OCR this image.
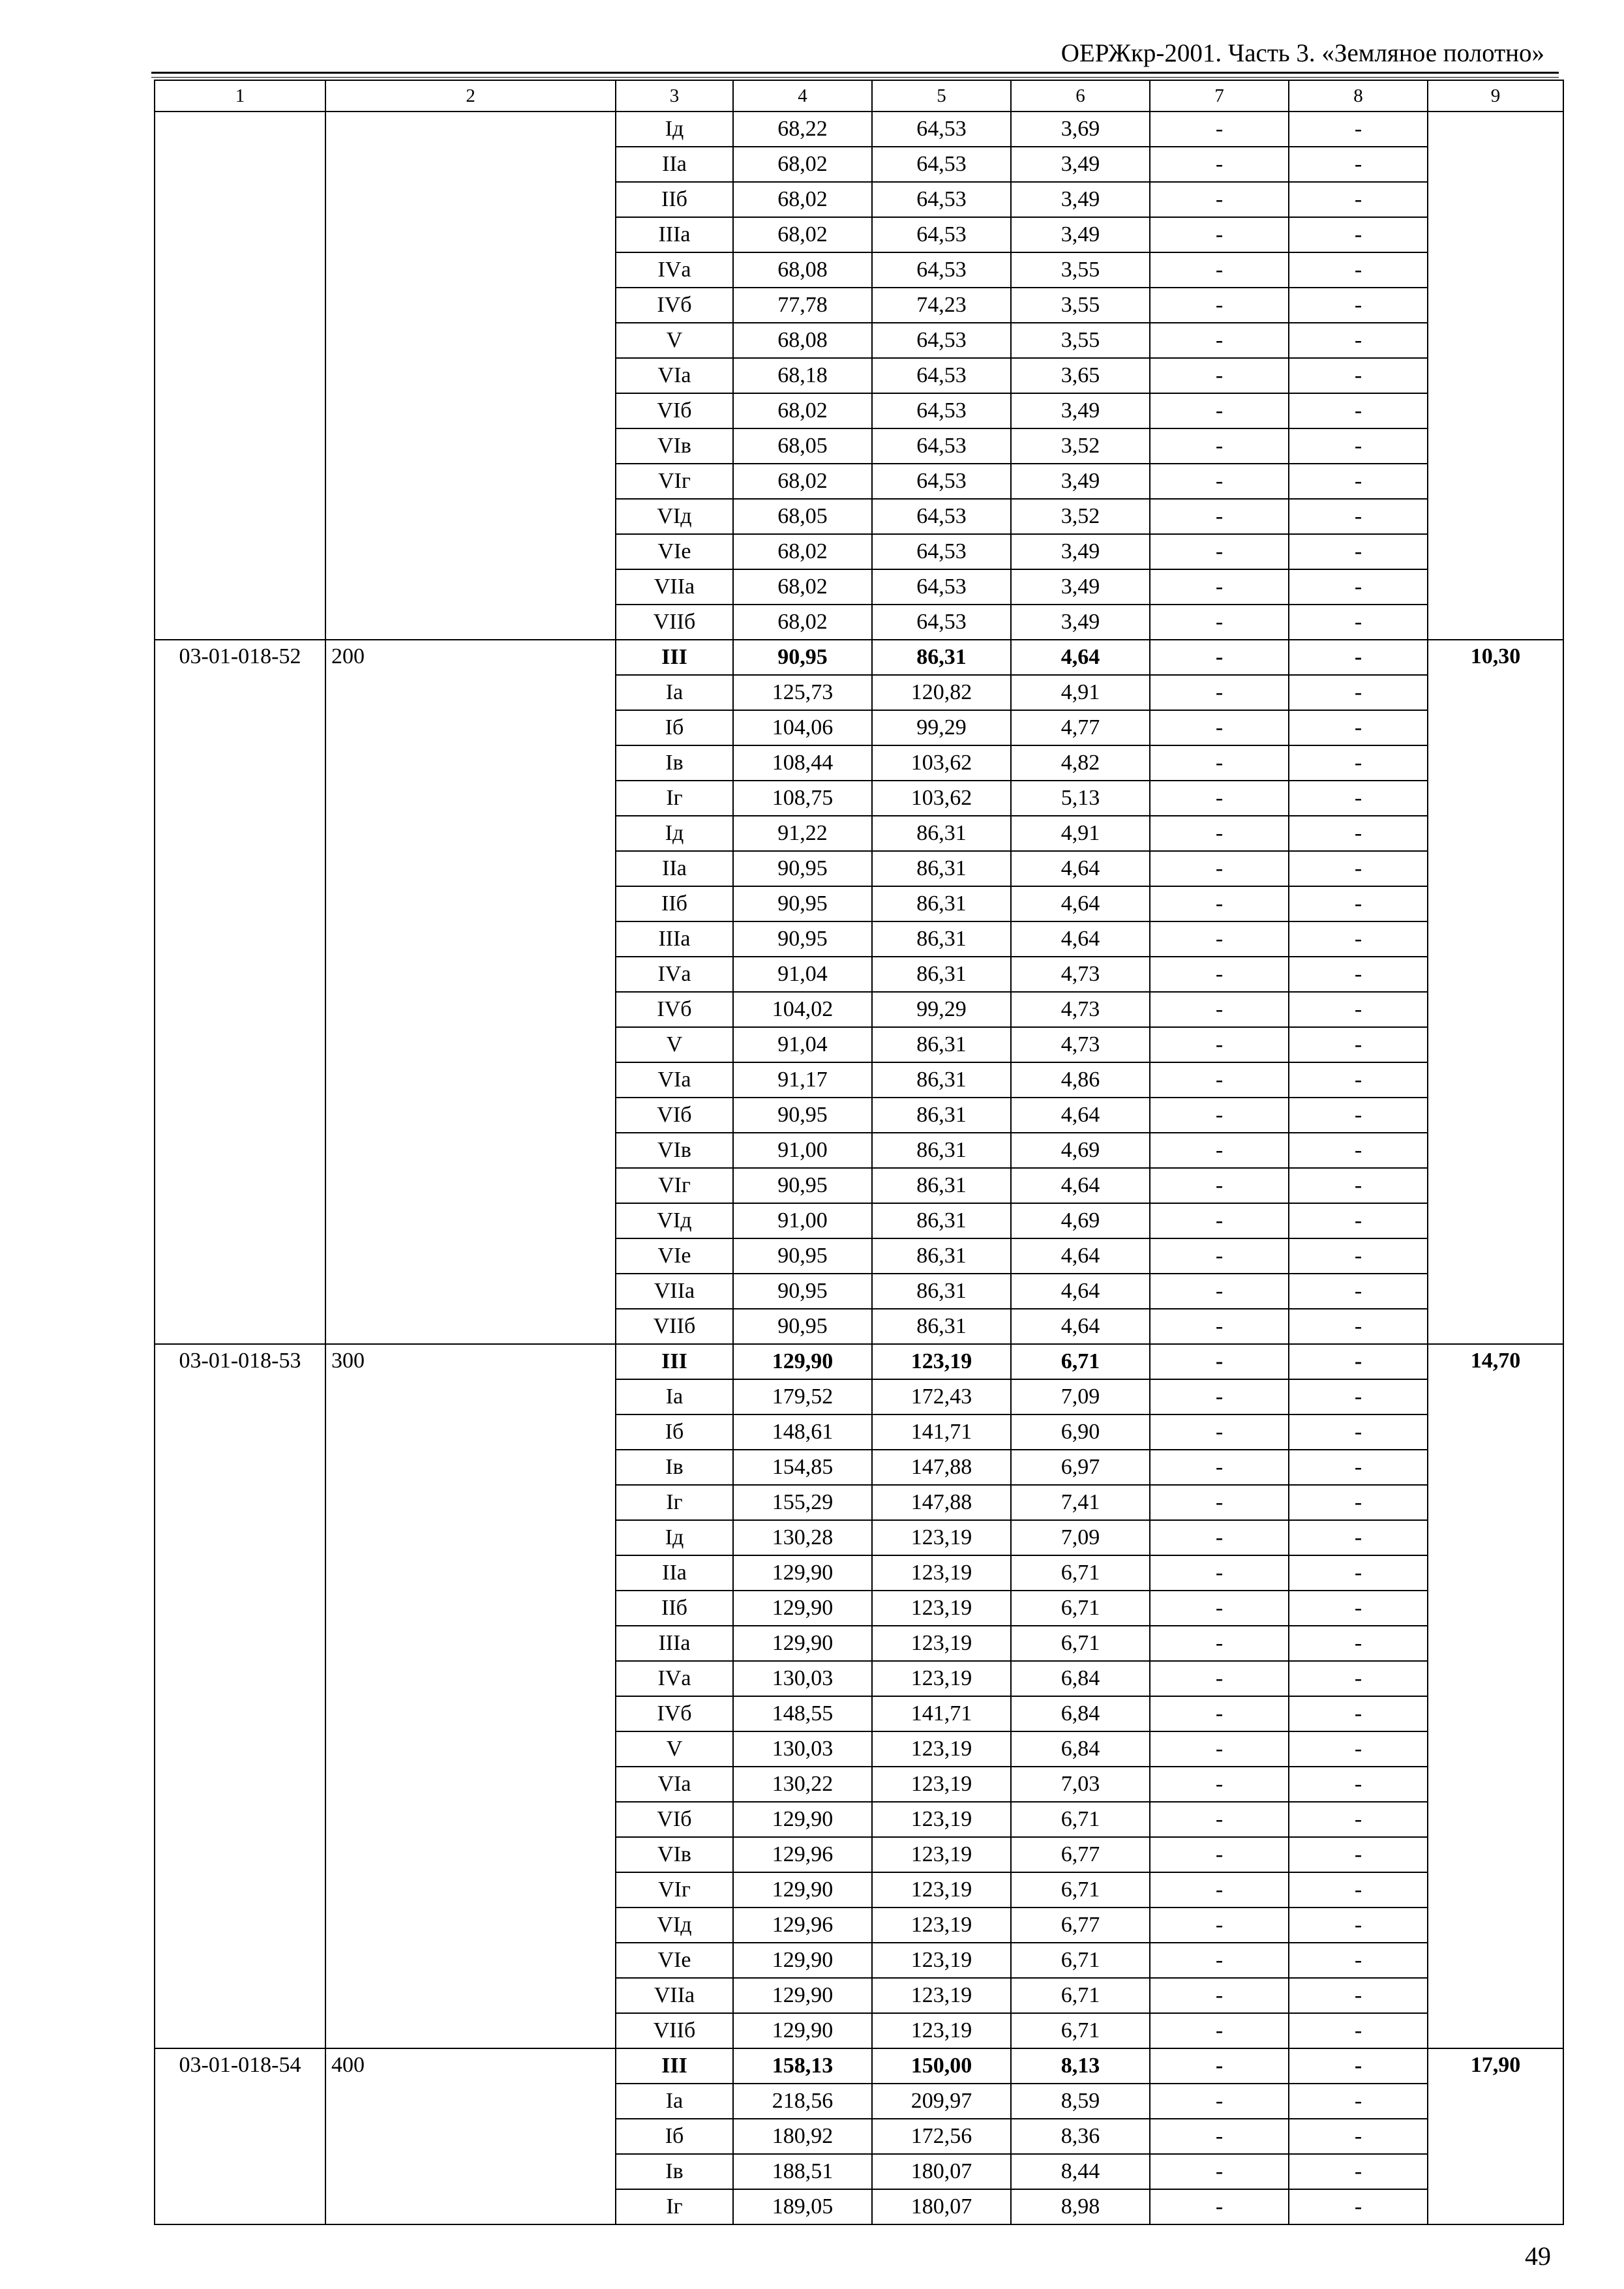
ОЕРЖкр-2001. Часть 3. «Земляное полотно»
1	2	3	4	5	6	7	8	9
		Iд	68,22	64,53	3,69	-	-	
		IIа	68,02	64,53	3,49	-	-	
		IIб	68,02	64,53	3,49	-	-	
		IIIа	68,02	64,53	3,49	-	-	
		IVа	68,08	64,53	3,55	-	-	
		IVб	77,78	74,23	3,55	-	-	
		V	68,08	64,53	3,55	-	-	
		VIа	68,18	64,53	3,65	-	-	
		VIб	68,02	64,53	3,49	-	-	
		VIв	68,05	64,53	3,52	-	-	
		VIг	68,02	64,53	3,49	-	-	
		VIд	68,05	64,53	3,52	-	-	
		VIе	68,02	64,53	3,49	-	-	
		VIIа	68,02	64,53	3,49	-	-	
		VIIб	68,02	64,53	3,49	-	-	
03-01-018-52	200	III	90,95	86,31	4,64	-	-	10,30
		Iа	125,73	120,82	4,91	-	-	
		Iб	104,06	99,29	4,77	-	-	
		Iв	108,44	103,62	4,82	-	-	
		Iг	108,75	103,62	5,13	-	-	
		Iд	91,22	86,31	4,91	-	-	
		IIа	90,95	86,31	4,64	-	-	
		IIб	90,95	86,31	4,64	-	-	
		IIIа	90,95	86,31	4,64	-	-	
		IVа	91,04	86,31	4,73	-	-	
		IVб	104,02	99,29	4,73	-	-	
		V	91,04	86,31	4,73	-	-	
		VIа	91,17	86,31	4,86	-	-	
		VIб	90,95	86,31	4,64	-	-	
		VIв	91,00	86,31	4,69	-	-	
		VIг	90,95	86,31	4,64	-	-	
		VIд	91,00	86,31	4,69	-	-	
		VIе	90,95	86,31	4,64	-	-	
		VIIа	90,95	86,31	4,64	-	-	
		VIIб	90,95	86,31	4,64	-	-	
03-01-018-53	300	III	129,90	123,19	6,71	-	-	14,70
		Iа	179,52	172,43	7,09	-	-	
		Iб	148,61	141,71	6,90	-	-	
		Iв	154,85	147,88	6,97	-	-	
		Iг	155,29	147,88	7,41	-	-	
		Iд	130,28	123,19	7,09	-	-	
		IIа	129,90	123,19	6,71	-	-	
		IIб	129,90	123,19	6,71	-	-	
		IIIа	129,90	123,19	6,71	-	-	
		IVа	130,03	123,19	6,84	-	-	
		IVб	148,55	141,71	6,84	-	-	
		V	130,03	123,19	6,84	-	-	
		VIа	130,22	123,19	7,03	-	-	
		VIб	129,90	123,19	6,71	-	-	
		VIв	129,96	123,19	6,77	-	-	
		VIг	129,90	123,19	6,71	-	-	
		VIд	129,96	123,19	6,77	-	-	
		VIе	129,90	123,19	6,71	-	-	
		VIIа	129,90	123,19	6,71	-	-	
		VIIб	129,90	123,19	6,71	-	-	
03-01-018-54	400	III	158,13	150,00	8,13	-	-	17,90
		Iа	218,56	209,97	8,59	-	-	
		Iб	180,92	172,56	8,36	-	-	
		Iв	188,51	180,07	8,44	-	-	
		Iг	189,05	180,07	8,98	-	-	
49
